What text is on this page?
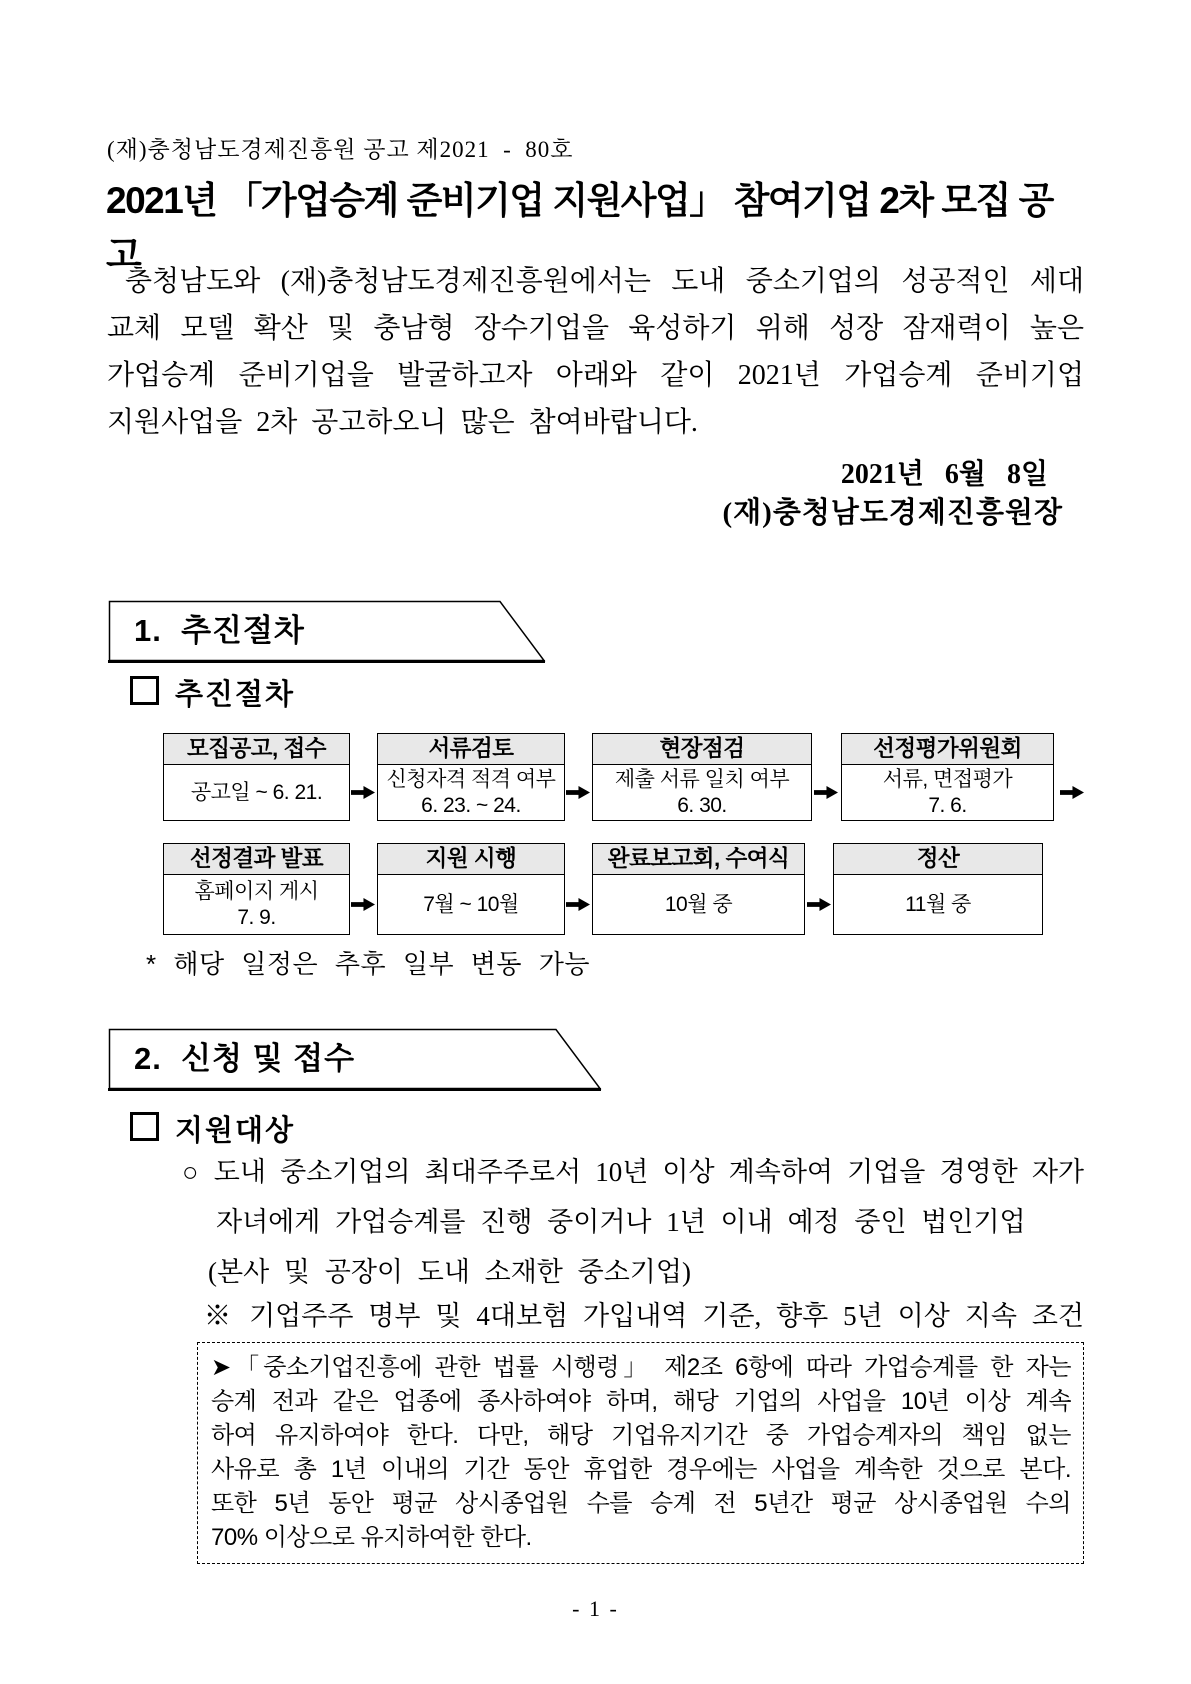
(재)충청남도경제진흥원 공고 제2021  -  80호
2021년 「가업승계 준비기업 지원사업」 참여기업 2차 모집 공고
충청남도와 (재)충청남도경제진흥원에서는 도내 중소기업의 성공적인 세대
교체 모델 확산 및 충남형 장수기업을 육성하기 위해 성장 잠재력이 높은
가업승계 준비기업을 발굴하고자 아래와 같이 2021년 가업승계 준비기업
지원사업을 2차 공고하오니 많은 참여바랍니다.
2021년   6월   8일
(재)충청남도경제진흥원장
1.  추진절차
추진절차
모집공고, 접수
공고일 ~ 6. 21.
서류검토
신청자격 적격 여부
6. 23. ~ 24.
현장점검
제출 서류 일치 여부
6. 30.
선정평가위원회
서류, 면접평가
7. 6.
선정결과 발표
홈페이지 게시
7. 9.
지원 시행
7월 ~ 10월
완료보고회, 수여식
10월 중
정산
11월 중
* 해당 일정은 추후 일부 변동 가능
2.  신청 및 접수
지원대상
○ 도내 중소기업의 최대주주로서 10년 이상 계속하여 기업을 경영한 자가
자녀에게 가업승계를 진행 중이거나 1년 이내 예정 중인 법인기업
(본사 및 공장이 도내 소재한 중소기업)
※ 기업주주 명부 및 4대보험 가입내역 기준, 향후 5년 이상 지속 조건
➤「중소기업진흥에 관한 법률 시행령」 제2조 6항에 따라 가업승계를 한 자는
승계 전과 같은 업종에 종사하여야 하며, 해당 기업의 사업을 10년 이상 계속
하여 유지하여야 한다. 다만, 해당 기업유지기간 중 가업승계자의 책임 없는
사유로 총 1년 이내의 기간 동안 휴업한 경우에는 사업을 계속한 것으로 본다.
또한 5년 동안 평균 상시종업원 수를 승계 전 5년간 평균 상시종업원 수의
70% 이상으로 유지하여한 한다.
- 1 -
